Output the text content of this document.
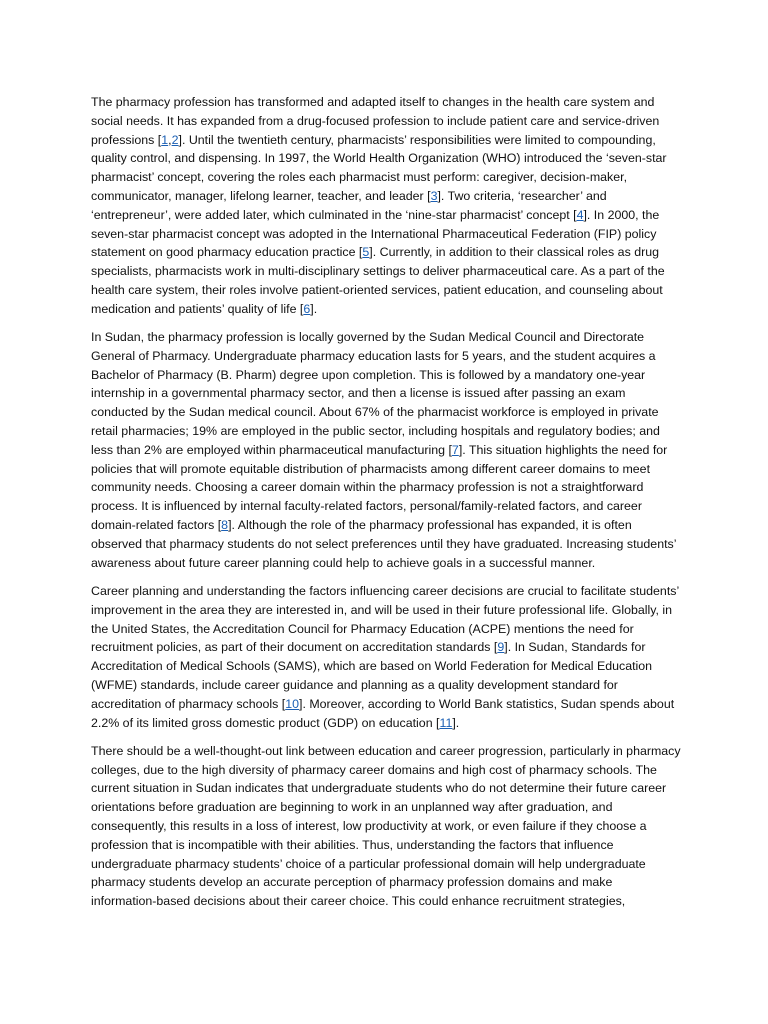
The pharmacy profession has transformed and adapted itself to changes in the health care system and social needs. It has expanded from a drug-focused profession to include patient care and service-driven professions [1,2]. Until the twentieth century, pharmacists’ responsibilities were limited to compounding, quality control, and dispensing. In 1997, the World Health Organization (WHO) introduced the ‘seven-star pharmacist’ concept, covering the roles each pharmacist must perform: caregiver, decision-maker, communicator, manager, lifelong learner, teacher, and leader [3]. Two criteria, ‘researcher’ and ‘entrepreneur’, were added later, which culminated in the ‘nine-star pharmacist’ concept [4]. In 2000, the seven-star pharmacist concept was adopted in the International Pharmaceutical Federation (FIP) policy statement on good pharmacy education practice [5]. Currently, in addition to their classical roles as drug specialists, pharmacists work in multi-disciplinary settings to deliver pharmaceutical care. As a part of the health care system, their roles involve patient-oriented services, patient education, and counseling about medication and patients’ quality of life [6].

In Sudan, the pharmacy profession is locally governed by the Sudan Medical Council and Directorate General of Pharmacy. Undergraduate pharmacy education lasts for 5 years, and the student acquires a Bachelor of Pharmacy (B. Pharm) degree upon completion. This is followed by a mandatory one-year internship in a governmental pharmacy sector, and then a license is issued after passing an exam conducted by the Sudan medical council. About 67% of the pharmacist workforce is employed in private retail pharmacies; 19% are employed in the public sector, including hospitals and regulatory bodies; and less than 2% are employed within pharmaceutical manufacturing [7]. This situation highlights the need for policies that will promote equitable distribution of pharmacists among different career domains to meet community needs. Choosing a career domain within the pharmacy profession is not a straightforward process. It is influenced by internal faculty-related factors, personal/family-related factors, and career domain-related factors [8]. Although the role of the pharmacy professional has expanded, it is often observed that pharmacy students do not select preferences until they have graduated. Increasing students’ awareness about future career planning could help to achieve goals in a successful manner.

Career planning and understanding the factors influencing career decisions are crucial to facilitate students’ improvement in the area they are interested in, and will be used in their future professional life. Globally, in the United States, the Accreditation Council for Pharmacy Education (ACPE) mentions the need for recruitment policies, as part of their document on accreditation standards [9]. In Sudan, Standards for Accreditation of Medical Schools (SAMS), which are based on World Federation for Medical Education (WFME) standards, include career guidance and planning as a quality development standard for accreditation of pharmacy schools [10]. Moreover, according to World Bank statistics, Sudan spends about 2.2% of its limited gross domestic product (GDP) on education [11].

There should be a well-thought-out link between education and career progression, particularly in pharmacy colleges, due to the high diversity of pharmacy career domains and high cost of pharmacy schools. The current situation in Sudan indicates that undergraduate students who do not determine their future career orientations before graduation are beginning to work in an unplanned way after graduation, and consequently, this results in a loss of interest, low productivity at work, or even failure if they choose a profession that is incompatible with their abilities. Thus, understanding the factors that influence undergraduate pharmacy students’ choice of a particular professional domain will help undergraduate pharmacy students develop an accurate perception of pharmacy profession domains and make information-based decisions about their career choice. This could enhance recruitment strategies,
